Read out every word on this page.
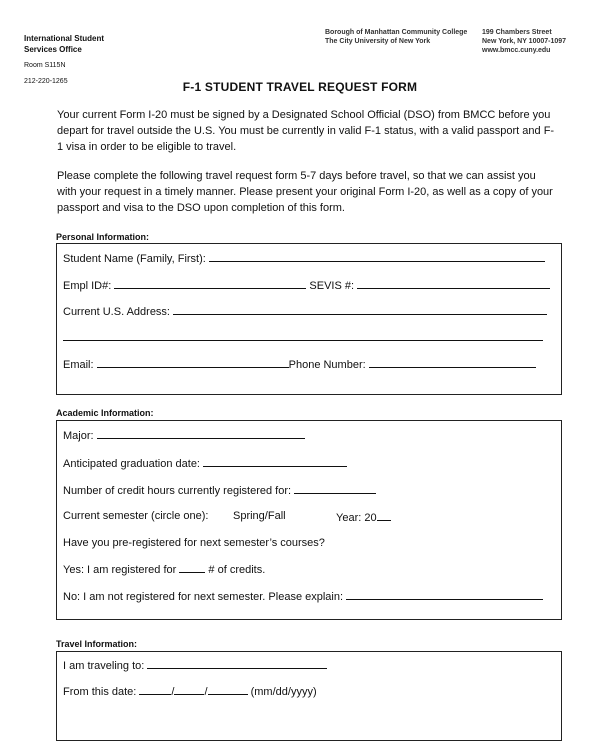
International Student
Services Office
Room S115N
212-220-1265
Borough of Manhattan Community College
The City University of New York
199 Chambers Street
New York, NY 10007-1097
www.bmcc.cuny.edu
F-1 STUDENT TRAVEL REQUEST FORM
Your current Form I-20 must be signed by a Designated School Official (DSO) from BMCC before you depart for travel outside the U.S. You must be currently in valid F-1 status, with a valid passport and F-1 visa in order to be eligible to travel.
Please complete the following travel request form 5-7 days before travel, so that we can assist you with your request in a timely manner. Please present your original Form I-20, as well as a copy of your passport and visa to the DSO upon completion of this form.
Personal Information:
Student Name (Family, First):
Empl ID#:	SEVIS #:
Current U.S. Address:
Email:	Phone Number:
Academic Information:
Major:
Anticipated graduation date:
Number of credit hours currently registered for:
Current semester (circle one): Spring/Fall	Year: 20
Have you pre-registered for next semester’s courses?
Yes: I am registered for  # of credits.
No: I am not registered for next semester. Please explain:
Travel Information:
I am traveling to:
From this date:	/	/	(mm/dd/yyyy)
